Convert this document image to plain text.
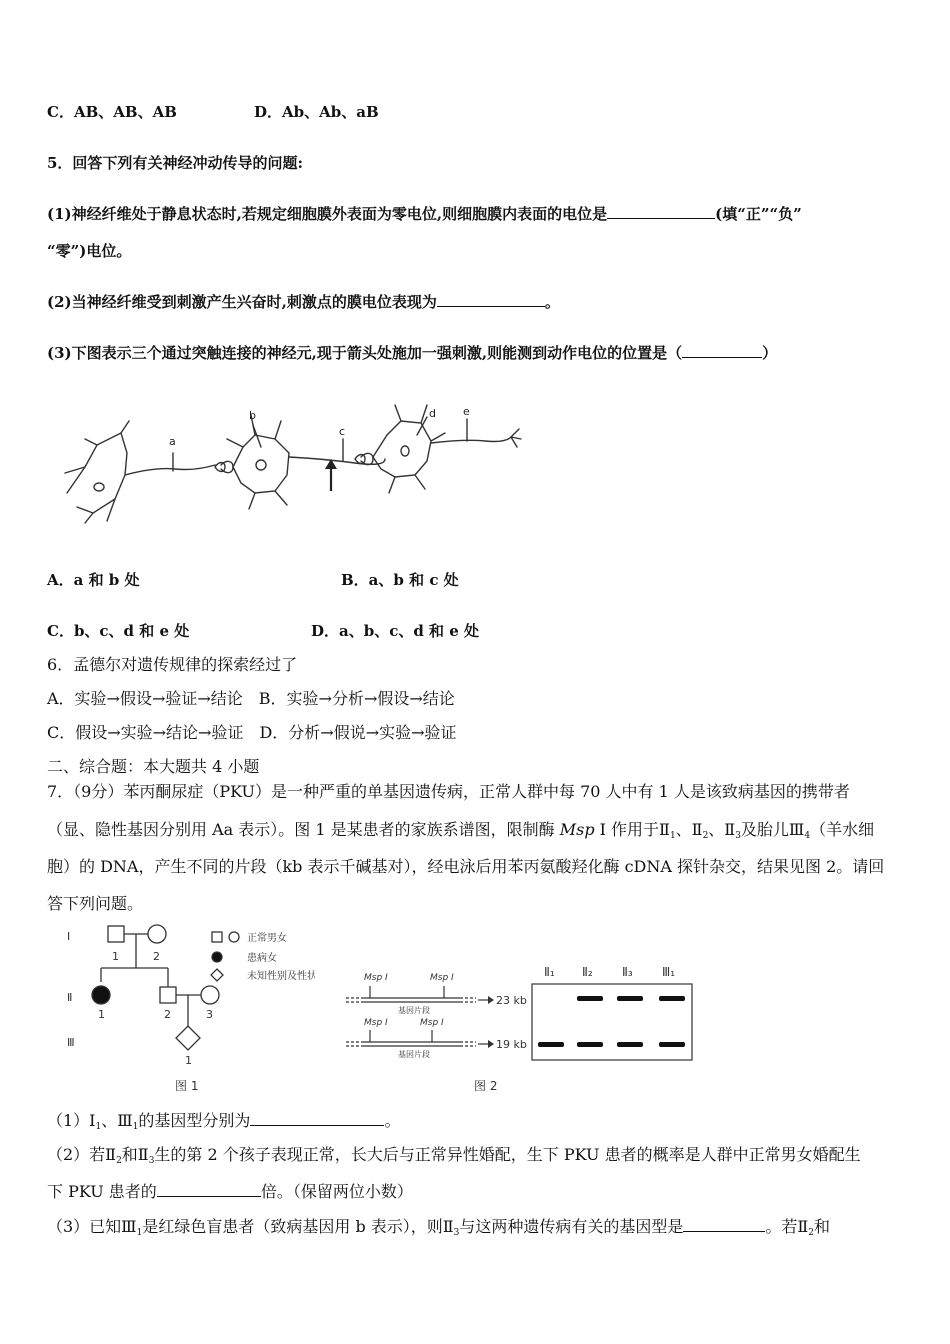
C．AB、AB、AB	D．Ab、Ab、aB
5．回答下列有关神经冲动传导的问题:
(1)神经纤维处于静息状态时,若规定细胞膜外表面为零电位,则细胞膜内表面的电位是	(填“正”“负”
“零”)电位。
(2)当神经纤维受到刺激产生兴奋时,刺激点的膜电位表现为	。
(3)下图表示三个通过突触连接的神经元,现于箭头处施加一强刺激,则能测到动作电位的位置是（	）
a
b
c
d e
A．a 和 b 处	B．a、b 和 c 处
C．b、c、d 和 e 处	D．a、b、c、d 和 e 处
6．孟德尔对遗传规律的探索经过了
A．实验→假设→验证→结论　B．实验→分析→假设→结论
C．假设→实验→结论→验证　D．分析→假说→实验→验证
二、综合题：本大题共 4 小题
7．（9分）苯丙酮尿症（PKU）是一种严重的单基因遗传病，正常人群中每 70 人中有 1 人是该致病基因的携带者
（显、隐性基因分别用 Aa 表示）。图 1 是某患者的家族系谱图，限制酶 Msp I 作用于$Ⅱ_1$、$Ⅱ_2$、$Ⅱ_3$及胎儿$Ⅲ_4$（羊水细
胞）的 DNA，产生不同的片段（kb 表示千碱基对），经电泳后用苯丙氨酸羟化酶 cDNA 探针杂交，结果见图 2。请回
答下列问题。
Ⅰ
Ⅱ
Ⅲ
1	2
1	2	3
1
正常男女
患病女
未知性别及性状
图 1
Msp Ⅰ	Msp Ⅰ
基因片段
Msp Ⅰ	Msp Ⅰ
基因片段
23 kb
19 kb
Ⅱ₁ Ⅱ₂ Ⅱ₃ Ⅲ₁
图 2
$(1)I_1$、$Ⅲ_1$的基因型分别为	。
（2）若$Ⅱ_2$和$Ⅱ_3$生的第 2 个孩子表现正常，长大后与正常异性婚配，生下 PKU 患者的概率是人群中正常男女婚配生
下 PKU 患者的	倍。（保留两位小数）
（3）已知$Ⅲ_1$是红绿色盲患者（致病基因用 b 表示），则$Ⅱ_3$与这两种遗传病有关的基因型是	。若$Ⅱ_2$和
